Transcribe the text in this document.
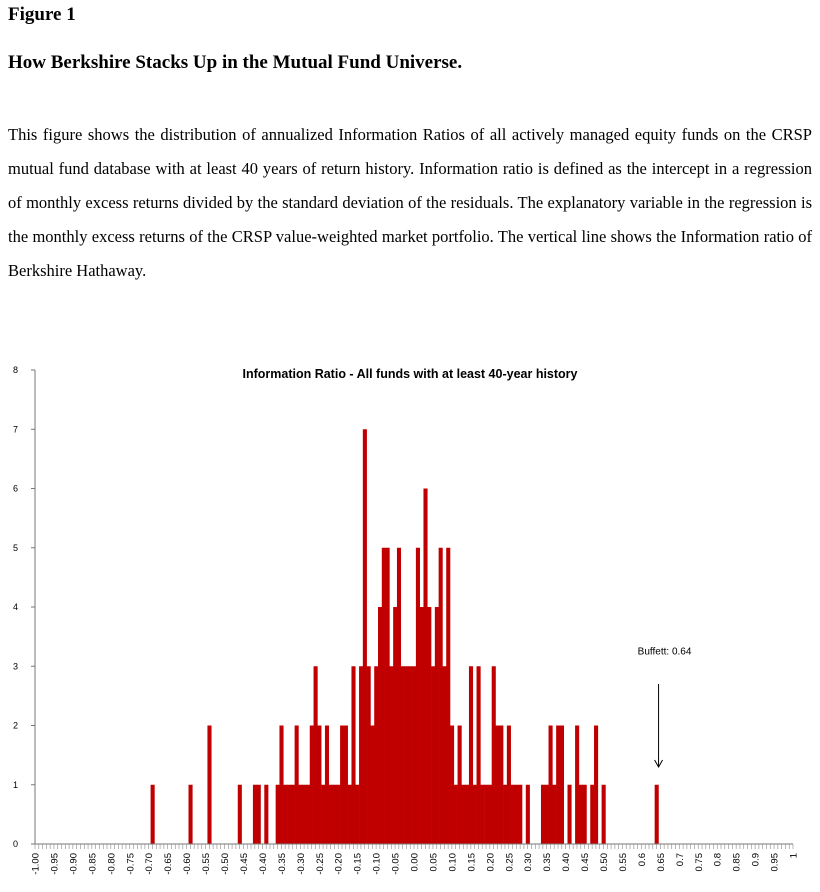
Figure 1
How Berkshire Stacks Up in the Mutual Fund Universe.
This figure shows the distribution of annualized Information Ratios of all actively managed equity funds on the CRSP mutual fund database with at least 40 years of return history. Information ratio is defined as the intercept in a regression of monthly excess returns divided by the standard deviation of the residuals. The explanatory variable in the regression is the monthly excess returns of the CRSP value-weighted market portfolio. The vertical line shows the Information ratio of Berkshire Hathaway.
Information Ratio - All funds with at least 40-year history
0
1
2
3
4
5
6
7
8
-1.00 -0.95 -0.90 -0.85 -0.80 -0.75 -0.70 -0.65 -0.60 -0.55 -0.50 -0.45 -0.40 -0.35 -0.30 -0.25 -0.20 -0.15 -0.10 -0.05 0.00 0.05 0.10 0.15 0.20 0.25 0.30 0.35 0.40 0.45 0.50 0.55 0.6 0.65 0.7 0.75 0.8 0.85 0.9 0.95 1
Buffett: 0.64
